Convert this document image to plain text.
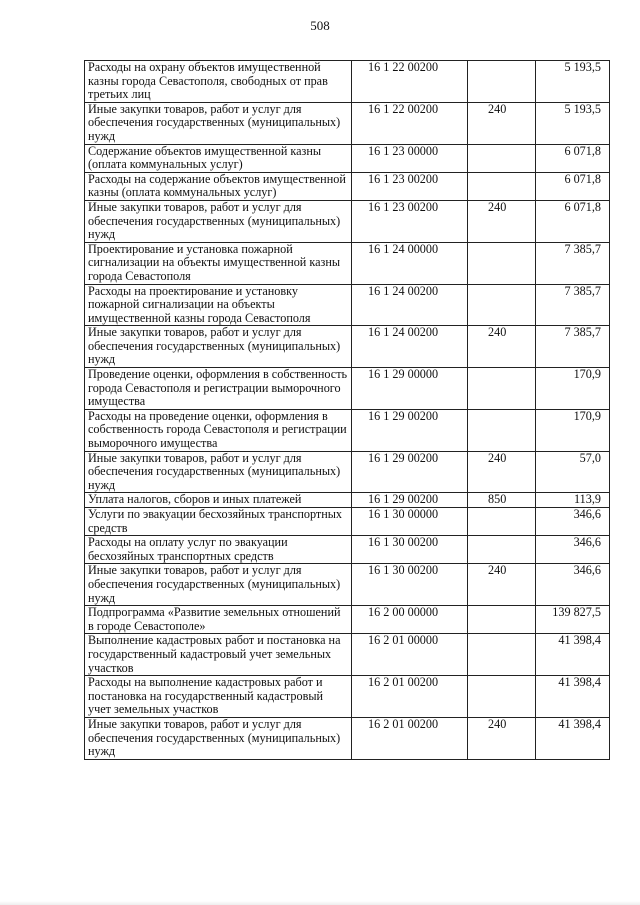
508
Расходы на охрану объектов имущественной казны города Севастополя, свободных от прав третьих лиц	16 1 22 00200		5 193,5
Иные закупки товаров, работ и услуг для обеспечения государственных (муниципальных) нужд	16 1 22 00200	240	5 193,5
Содержание объектов имущественной казны (оплата коммунальных услуг)	16 1 23 00000		6 071,8
Расходы на содержание объектов имущественной казны (оплата коммунальных услуг)	16 1 23 00200		6 071,8
Иные закупки товаров, работ и услуг для обеспечения государственных (муниципальных) нужд	16 1 23 00200	240	6 071,8
Проектирование и установка пожарной сигнализации на объекты имущественной казны города Севастополя	16 1 24 00000		7 385,7
Расходы на проектирование и установку пожарной сигнализации на объекты имущественной казны города Севастополя	16 1 24 00200		7 385,7
Иные закупки товаров, работ и услуг для обеспечения государственных (муниципальных) нужд	16 1 24 00200	240	7 385,7
Проведение оценки, оформления в собственность города Севастополя и регистрации выморочного имущества	16 1 29 00000		170,9
Расходы на проведение оценки, оформления в собственность города Севастополя и регистрации выморочного имущества	16 1 29 00200		170,9
Иные закупки товаров, работ и услуг для обеспечения государственных (муниципальных) нужд	16 1 29 00200	240	57,0
Уплата налогов, сборов и иных платежей	16 1 29 00200	850	113,9
Услуги по эвакуации бесхозяйных транспортных средств	16 1 30 00000		346,6
Расходы на оплату услуг по эвакуации бесхозяйных транспортных средств	16 1 30 00200		346,6
Иные закупки товаров, работ и услуг для обеспечения государственных (муниципальных) нужд	16 1 30 00200	240	346,6
Подпрограмма «Развитие земельных отношений в городе Севастополе»	16 2 00 00000		139 827,5
Выполнение кадастровых работ и постановка на государственный кадастровый учет земельных участков	16 2 01 00000		41 398,4
Расходы на выполнение кадастровых работ и постановка на государственный кадастровый учет земельных участков	16 2 01 00200		41 398,4
Иные закупки товаров, работ и услуг для обеспечения государственных (муниципальных) нужд	16 2 01 00200	240	41 398,4
